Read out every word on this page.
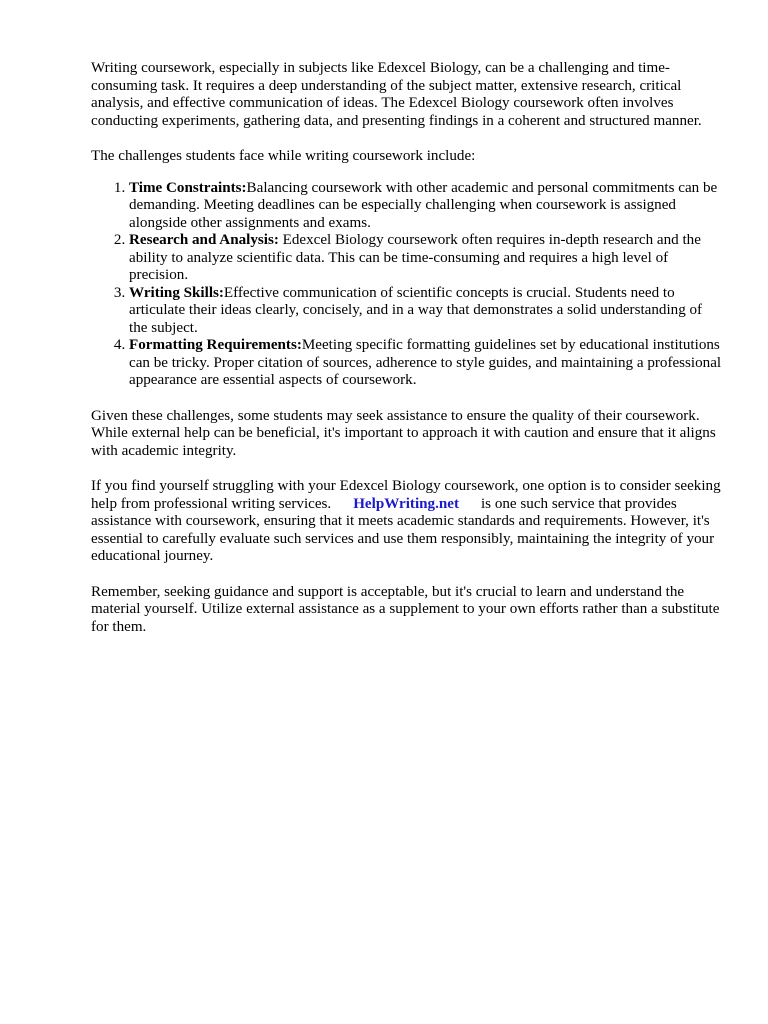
Writing coursework, especially in subjects like Edexcel Biology, can be a challenging and time-consuming task. It requires a deep understanding of the subject matter, extensive research, critical analysis, and effective communication of ideas. The Edexcel Biology coursework often involves conducting experiments, gathering data, and presenting findings in a coherent and structured manner.

The challenges students face while writing coursework include:

1. Time Constraints:Balancing coursework with other academic and personal commitments can be demanding. Meeting deadlines can be especially challenging when coursework is assigned alongside other assignments and exams.
2. Research and Analysis: Edexcel Biology coursework often requires in-depth research and the ability to analyze scientific data. This can be time-consuming and requires a high level of precision.
3. Writing Skills:Effective communication of scientific concepts is crucial. Students need to articulate their ideas clearly, concisely, and in a way that demonstrates a solid understanding of the subject.
4. Formatting Requirements:Meeting specific formatting guidelines set by educational institutions can be tricky. Proper citation of sources, adherence to style guides, and maintaining a professional appearance are essential aspects of coursework.

Given these challenges, some students may seek assistance to ensure the quality of their coursework. While external help can be beneficial, it's important to approach it with caution and ensure that it aligns with academic integrity.

If you find yourself struggling with your Edexcel Biology coursework, one option is to consider seeking help from professional writing services. HelpWriting.net is one such service that provides assistance with coursework, ensuring that it meets academic standards and requirements. However, it's essential to carefully evaluate such services and use them responsibly, maintaining the integrity of your educational journey.

Remember, seeking guidance and support is acceptable, but it's crucial to learn and understand the material yourself. Utilize external assistance as a supplement to your own efforts rather than a substitute for them.
